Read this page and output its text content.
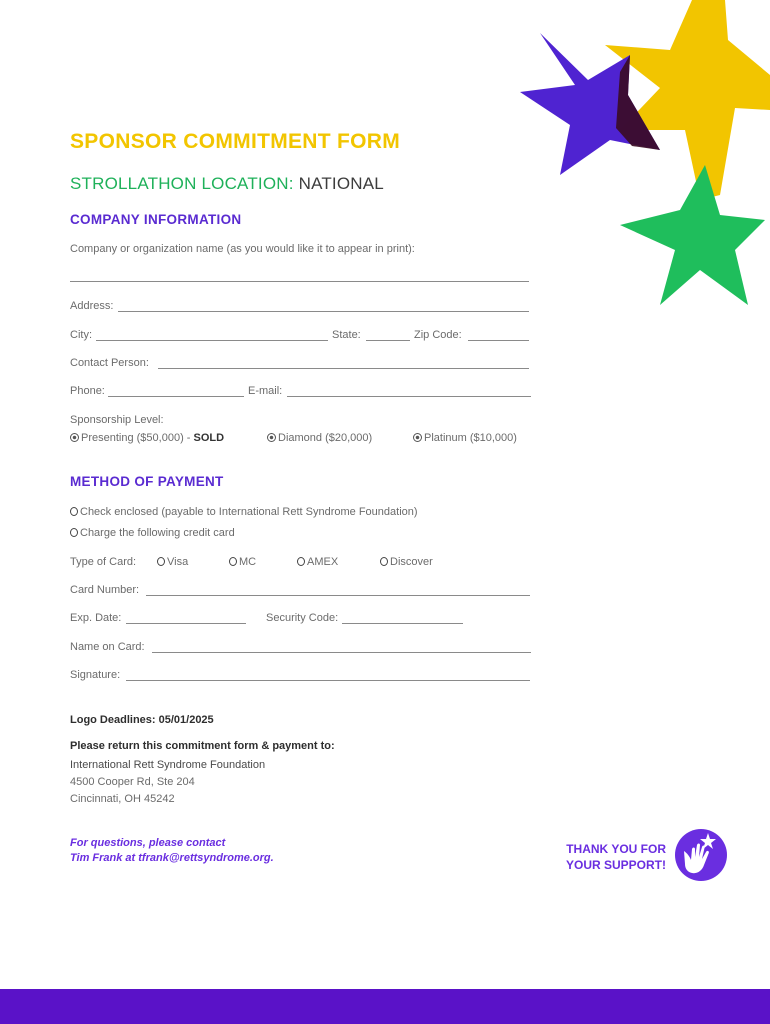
SPONSOR COMMITMENT FORM
STROLLATHON LOCATION: NATIONAL
COMPANY INFORMATION
Company or organization name (as you would like it to appear in print):
Address:
City:	State:	Zip Code:
Contact Person:
Phone:	E-mail:
Sponsorship Level:
Presenting ($50,000) - SOLD	Diamond ($20,000)	Platinum ($10,000)
METHOD OF PAYMENT
Check enclosed (payable to International Rett Syndrome Foundation)
Charge the following credit card
Type of Card:	Visa	MC	AMEX	Discover
Card Number:
Exp. Date:	Security Code:
Name on Card:
Signature:
Logo Deadlines: 05/01/2025
Please return this commitment form & payment to:
International Rett Syndrome Foundation
4500 Cooper Rd, Ste 204
Cincinnati, OH 45242
For questions, please contact
Tim Frank at tfrank@rettsyndrome.org.
THANK YOU FOR
YOUR SUPPORT!
